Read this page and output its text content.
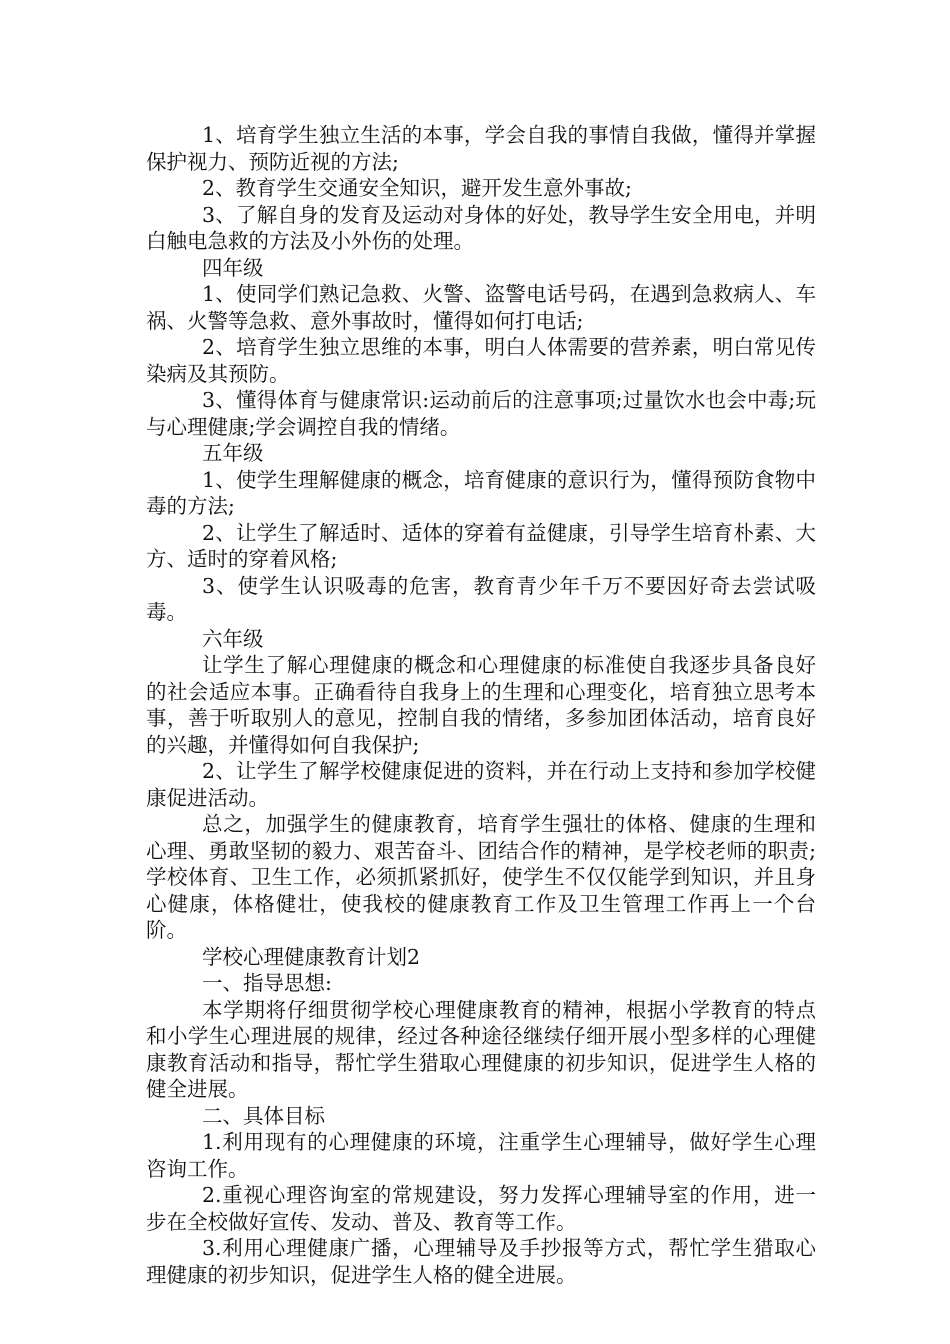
1、培育学生独立生活的本事，学会自我的事情自我做，懂得并掌握保护视力、预防近视的方法;

2、教育学生交通安全知识，避开发生意外事故;

3、了解自身的发育及运动对身体的好处，教导学生安全用电，并明白触电急救的方法及小外伤的处理。

四年级

1、使同学们熟记急救、火警、盗警电话号码，在遇到急救病人、车祸、火警等急救、意外事故时，懂得如何打电话;

2、培育学生独立思维的本事，明白人体需要的营养素，明白常见传染病及其预防。

3、懂得体育与健康常识:运动前后的注意事项;过量饮水也会中毒;玩与心理健康;学会调控自我的情绪。

五年级

1、使学生理解健康的概念，培育健康的意识行为，懂得预防食物中毒的方法;

2、让学生了解适时、适体的穿着有益健康，引导学生培育朴素、大方、适时的穿着风格;

3、使学生认识吸毒的危害，教育青少年千万不要因好奇去尝试吸毒。

六年级

让学生了解心理健康的概念和心理健康的标准使自我逐步具备良好的社会适应本事。正确看待自我身上的生理和心理变化，培育独立思考本事，善于听取别人的意见，控制自我的情绪，多参加团体活动，培育良好的兴趣，并懂得如何自我保护;

2、让学生了解学校健康促进的资料，并在行动上支持和参加学校健康促进活动。

总之，加强学生的健康教育，培育学生强壮的体格、健康的生理和心理、勇敢坚韧的毅力、艰苦奋斗、团结合作的精神，是学校老师的职责;学校体育、卫生工作，必须抓紧抓好，使学生不仅仅能学到知识，并且身心健康，体格健壮，使我校的健康教育工作及卫生管理工作再上一个台阶。

学校心理健康教育计划2

一、指导思想:

本学期将仔细贯彻学校心理健康教育的精神，根据小学教育的特点和小学生心理进展的规律，经过各种途径继续仔细开展小型多样的心理健康教育活动和指导，帮忙学生猎取心理健康的初步知识，促进学生人格的健全进展。

二、具体目标

1.利用现有的心理健康的环境，注重学生心理辅导，做好学生心理咨询工作。

2.重视心理咨询室的常规建设，努力发挥心理辅导室的作用，进一步在全校做好宣传、发动、普及、教育等工作。

3.利用心理健康广播，心理辅导及手抄报等方式，帮忙学生猎取心理健康的初步知识，促进学生人格的健全进展。
